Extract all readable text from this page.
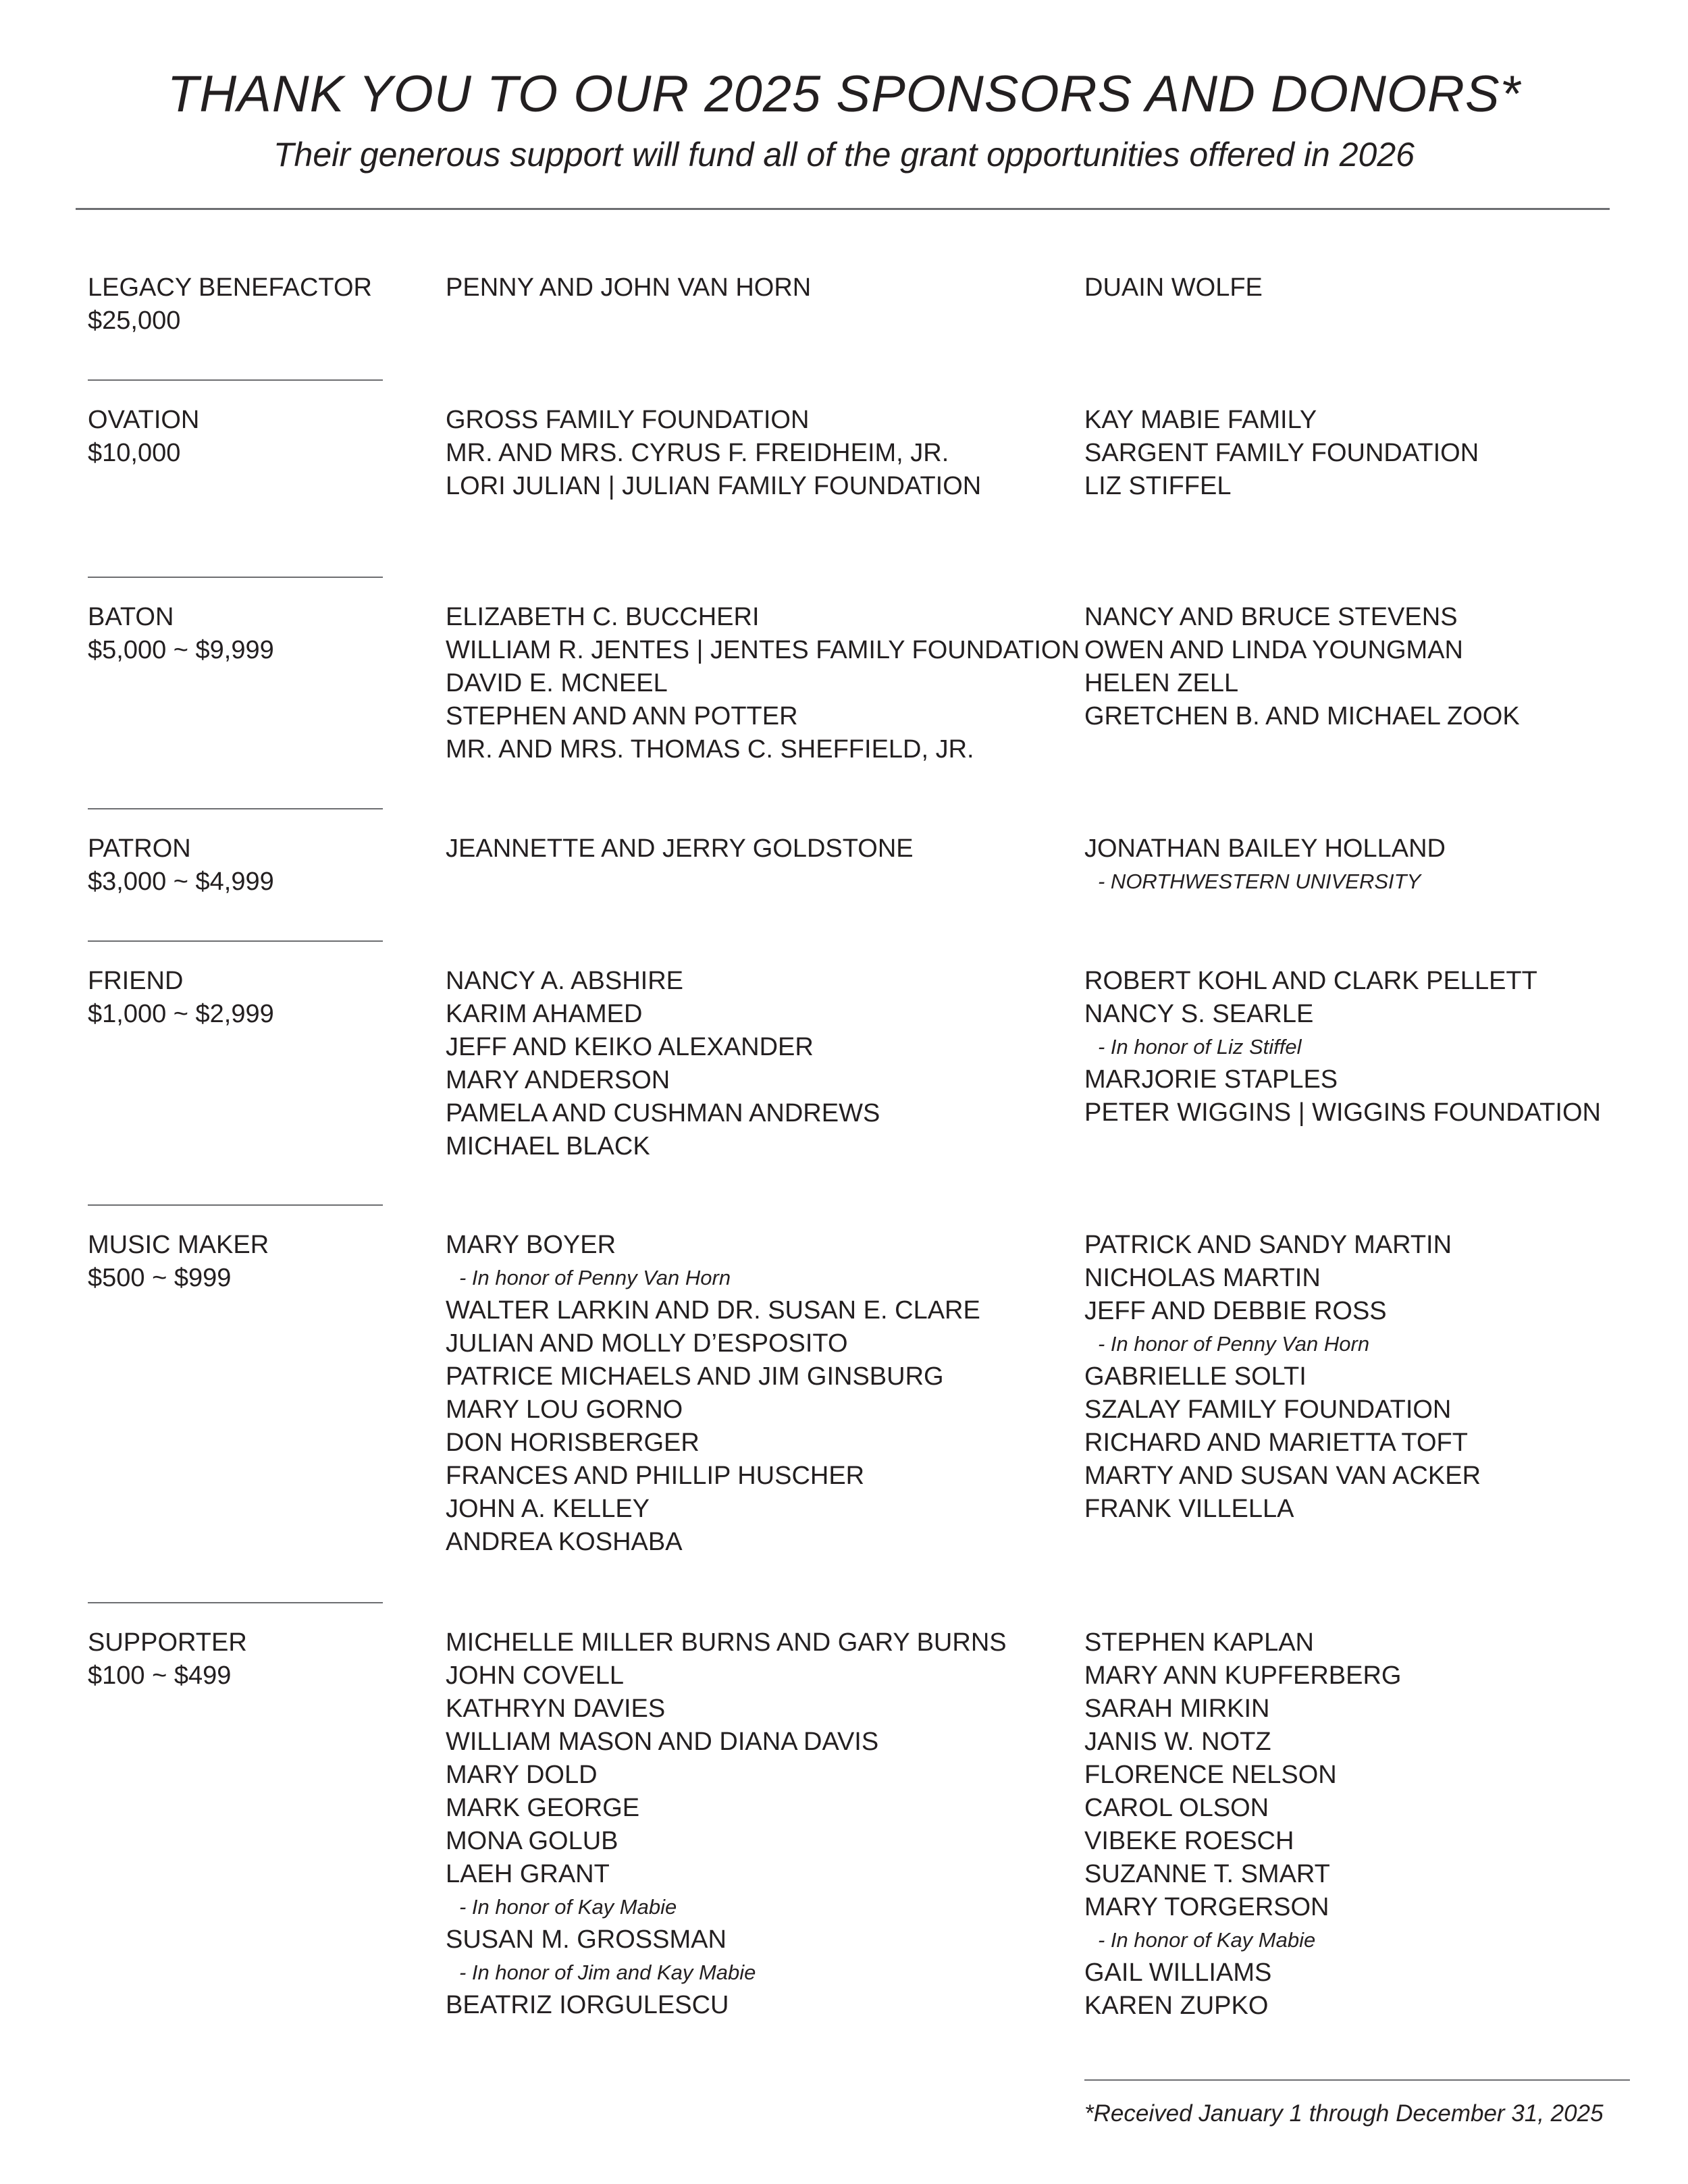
THANK YOU TO OUR 2025 SPONSORS AND DONORS*
Their generous support will fund all of the grant opportunities offered in 2026
LEGACY BENEFACTOR
$25,000
PENNY AND JOHN VAN HORN	DUAIN WOLFE
OVATION
$10,000
GROSS FAMILY FOUNDATION
MR. AND MRS. CYRUS F. FREIDHEIM, JR.
LORI JULIAN | JULIAN FAMILY FOUNDATION
KAY MABIE FAMILY
SARGENT FAMILY FOUNDATION
LIZ STIFFEL
BATON
$5,000 ~ $9,999
ELIZABETH C. BUCCHERI
WILLIAM R. JENTES | JENTES FAMILY FOUNDATION
DAVID E. MCNEEL
STEPHEN AND ANN POTTER
MR. AND MRS. THOMAS C. SHEFFIELD, JR.
NANCY AND BRUCE STEVENS
OWEN AND LINDA YOUNGMAN
HELEN ZELL
GRETCHEN B. AND MICHAEL ZOOK
PATRON
$3,000 ~ $4,999
JEANNETTE AND JERRY GOLDSTONE	JONATHAN BAILEY HOLLAND
- NORTHWESTERN UNIVERSITY
FRIEND
$1,000 ~ $2,999
NANCY A. ABSHIRE
KARIM AHAMED
JEFF AND KEIKO ALEXANDER
MARY ANDERSON
PAMELA AND CUSHMAN ANDREWS
MICHAEL BLACK
ROBERT KOHL AND CLARK PELLETT
NANCY S. SEARLE
- In honor of Liz Stiffel
MARJORIE STAPLES
PETER WIGGINS | WIGGINS FOUNDATION
MUSIC MAKER
$500 ~ $999
MARY BOYER
- In honor of Penny Van Horn
WALTER LARKIN AND DR. SUSAN E. CLARE
JULIAN AND MOLLY D’ESPOSITO
PATRICE MICHAELS AND JIM GINSBURG
MARY LOU GORNO
DON HORISBERGER
FRANCES AND PHILLIP HUSCHER
JOHN A. KELLEY
ANDREA KOSHABA
PATRICK AND SANDY MARTIN
NICHOLAS MARTIN
JEFF AND DEBBIE ROSS
- In honor of Penny Van Horn
GABRIELLE SOLTI
SZALAY FAMILY FOUNDATION
RICHARD AND MARIETTA TOFT
MARTY AND SUSAN VAN ACKER
FRANK VILLELLA
SUPPORTER
$100 ~ $499
MICHELLE MILLER BURNS AND GARY BURNS
JOHN COVELL
KATHRYN DAVIES
WILLIAM MASON AND DIANA DAVIS
MARY DOLD
MARK GEORGE
MONA GOLUB
LAEH GRANT
- In honor of Kay Mabie
SUSAN M. GROSSMAN
- In honor of Jim and Kay Mabie
BEATRIZ IORGULESCU
STEPHEN KAPLAN
MARY ANN KUPFERBERG
SARAH MIRKIN
JANIS W. NOTZ
FLORENCE NELSON
CAROL OLSON
VIBEKE ROESCH
SUZANNE T. SMART
MARY TORGERSON
- In honor of Kay Mabie
GAIL WILLIAMS
KAREN ZUPKO
*Received January 1 through December 31, 2025
